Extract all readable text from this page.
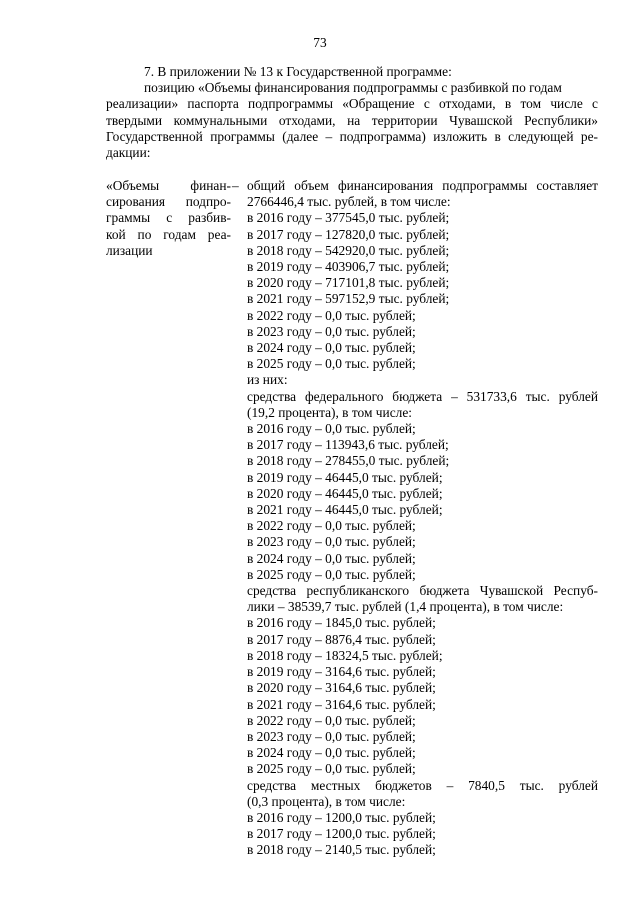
73
7. В приложении № 13 к Государственной программе:
позицию «Объемы финансирования подпрограммы с разбивкой по годам
реализации» паспорта подпрограммы «Обращение с отходами, в том числе с
твердыми коммунальными отходами, на территории Чувашской Республики»
Государственной программы (далее – подпрограмма) изложить в следующей ре-
дакции:
«Объемы финан-
сирования подпро-
граммы с разбив-
кой по годам реа-
лизации
– общий объем финансирования подпрограммы составляет
2766446,4 тыс. рублей, в том числе:
в 2016 году – 377545,0 тыс. рублей;
в 2017 году – 127820,0 тыс. рублей;
в 2018 году – 542920,0 тыс. рублей;
в 2019 году – 403906,7 тыс. рублей;
в 2020 году – 717101,8 тыс. рублей;
в 2021 году – 597152,9 тыс. рублей;
в 2022 году – 0,0 тыс. рублей;
в 2023 году – 0,0 тыс. рублей;
в 2024 году – 0,0 тыс. рублей;
в 2025 году – 0,0 тыс. рублей;
из них:
средства федерального бюджета – 531733,6 тыс. рублей
(19,2 процента), в том числе:
в 2016 году – 0,0 тыс. рублей;
в 2017 году – 113943,6 тыс. рублей;
в 2018 году – 278455,0 тыс. рублей;
в 2019 году – 46445,0 тыс. рублей;
в 2020 году – 46445,0 тыс. рублей;
в 2021 году – 46445,0 тыс. рублей;
в 2022 году – 0,0 тыс. рублей;
в 2023 году – 0,0 тыс. рублей;
в 2024 году – 0,0 тыс. рублей;
в 2025 году – 0,0 тыс. рублей;
средства республиканского бюджета Чувашской Респуб-
лики – 38539,7 тыс. рублей (1,4 процента), в том числе:
в 2016 году – 1845,0 тыс. рублей;
в 2017 году – 8876,4 тыс. рублей;
в 2018 году – 18324,5 тыс. рублей;
в 2019 году – 3164,6 тыс. рублей;
в 2020 году – 3164,6 тыс. рублей;
в 2021 году – 3164,6 тыс. рублей;
в 2022 году – 0,0 тыс. рублей;
в 2023 году – 0,0 тыс. рублей;
в 2024 году – 0,0 тыс. рублей;
в 2025 году – 0,0 тыс. рублей;
средства местных бюджетов – 7840,5 тыс. рублей
(0,3 процента), в том числе:
в 2016 году – 1200,0 тыс. рублей;
в 2017 году – 1200,0 тыс. рублей;
в 2018 году – 2140,5 тыс. рублей;
